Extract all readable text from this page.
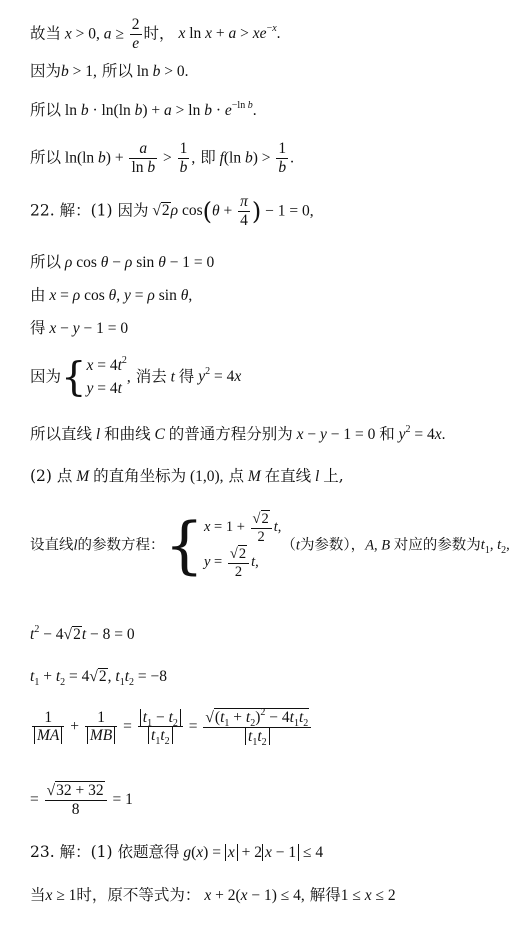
故当 x > 0, $a \ge \frac{2}{e}$ 时， x $\ln x + a > xe^{-x}$.
因为b > 1, 所以 ln b > 0.
所以 ln b · ln(ln $b) + a > \ln b \cdot e^{-ln b}$.
所以 ln(ln $b) + \frac{a}{\text{ln b}} > \frac{1}{b}$ , 即 f(ln $b) > \frac{1}{b}$ .
22. 解：(1) 因为 √2ρ $\cos(\theta + \frac{\pi}{4}$ ) − 1 = 0,
所以 ρ cos θ − ρ sin θ − 1 = 0
由 x = ρ cos θ, y = ρ sin θ,
得 x − y − 1 = 0
因为{ $x = 4t^2$
y = 4t
, 消去 t 得 $y^2 = 4x$
所以直线 l 和曲线 C 的普通方程分别为 x − y − 1 = 0 和 $y^2 = 4x$.
(2) 点 M 的直角坐标为 (1,0), 点 M 在直线 l 上,
设直线l的参数方程：{ $x = 1 + \frac{√2}{2} t$,
$y = \frac{√2}{2} t$,
（t为参数），A, B 对应的参数为$t_1$, $t_2$,
$t^2 - 4√2t - 8 = 0$
$t_1 + t_2 = 4√2$, $t_1t_2 = -8$
$\frac{1}{MA} + \frac{1}{MB} = \frac{t_1 - t_2}{t_1t_2} = \frac{√(t_1 + t_2)^2 - 4t_1t_2}{t_1t_2}$
= $\frac{√32 + 32}{8} = 1$
23. 解：(1) 依题意得 g(x) = x + 2 x − 1 ≤ 4
当x ≥ 1时，原不等式为： x + 2(x − 1) ≤ 4, 解得1 ≤ x ≤ 2
